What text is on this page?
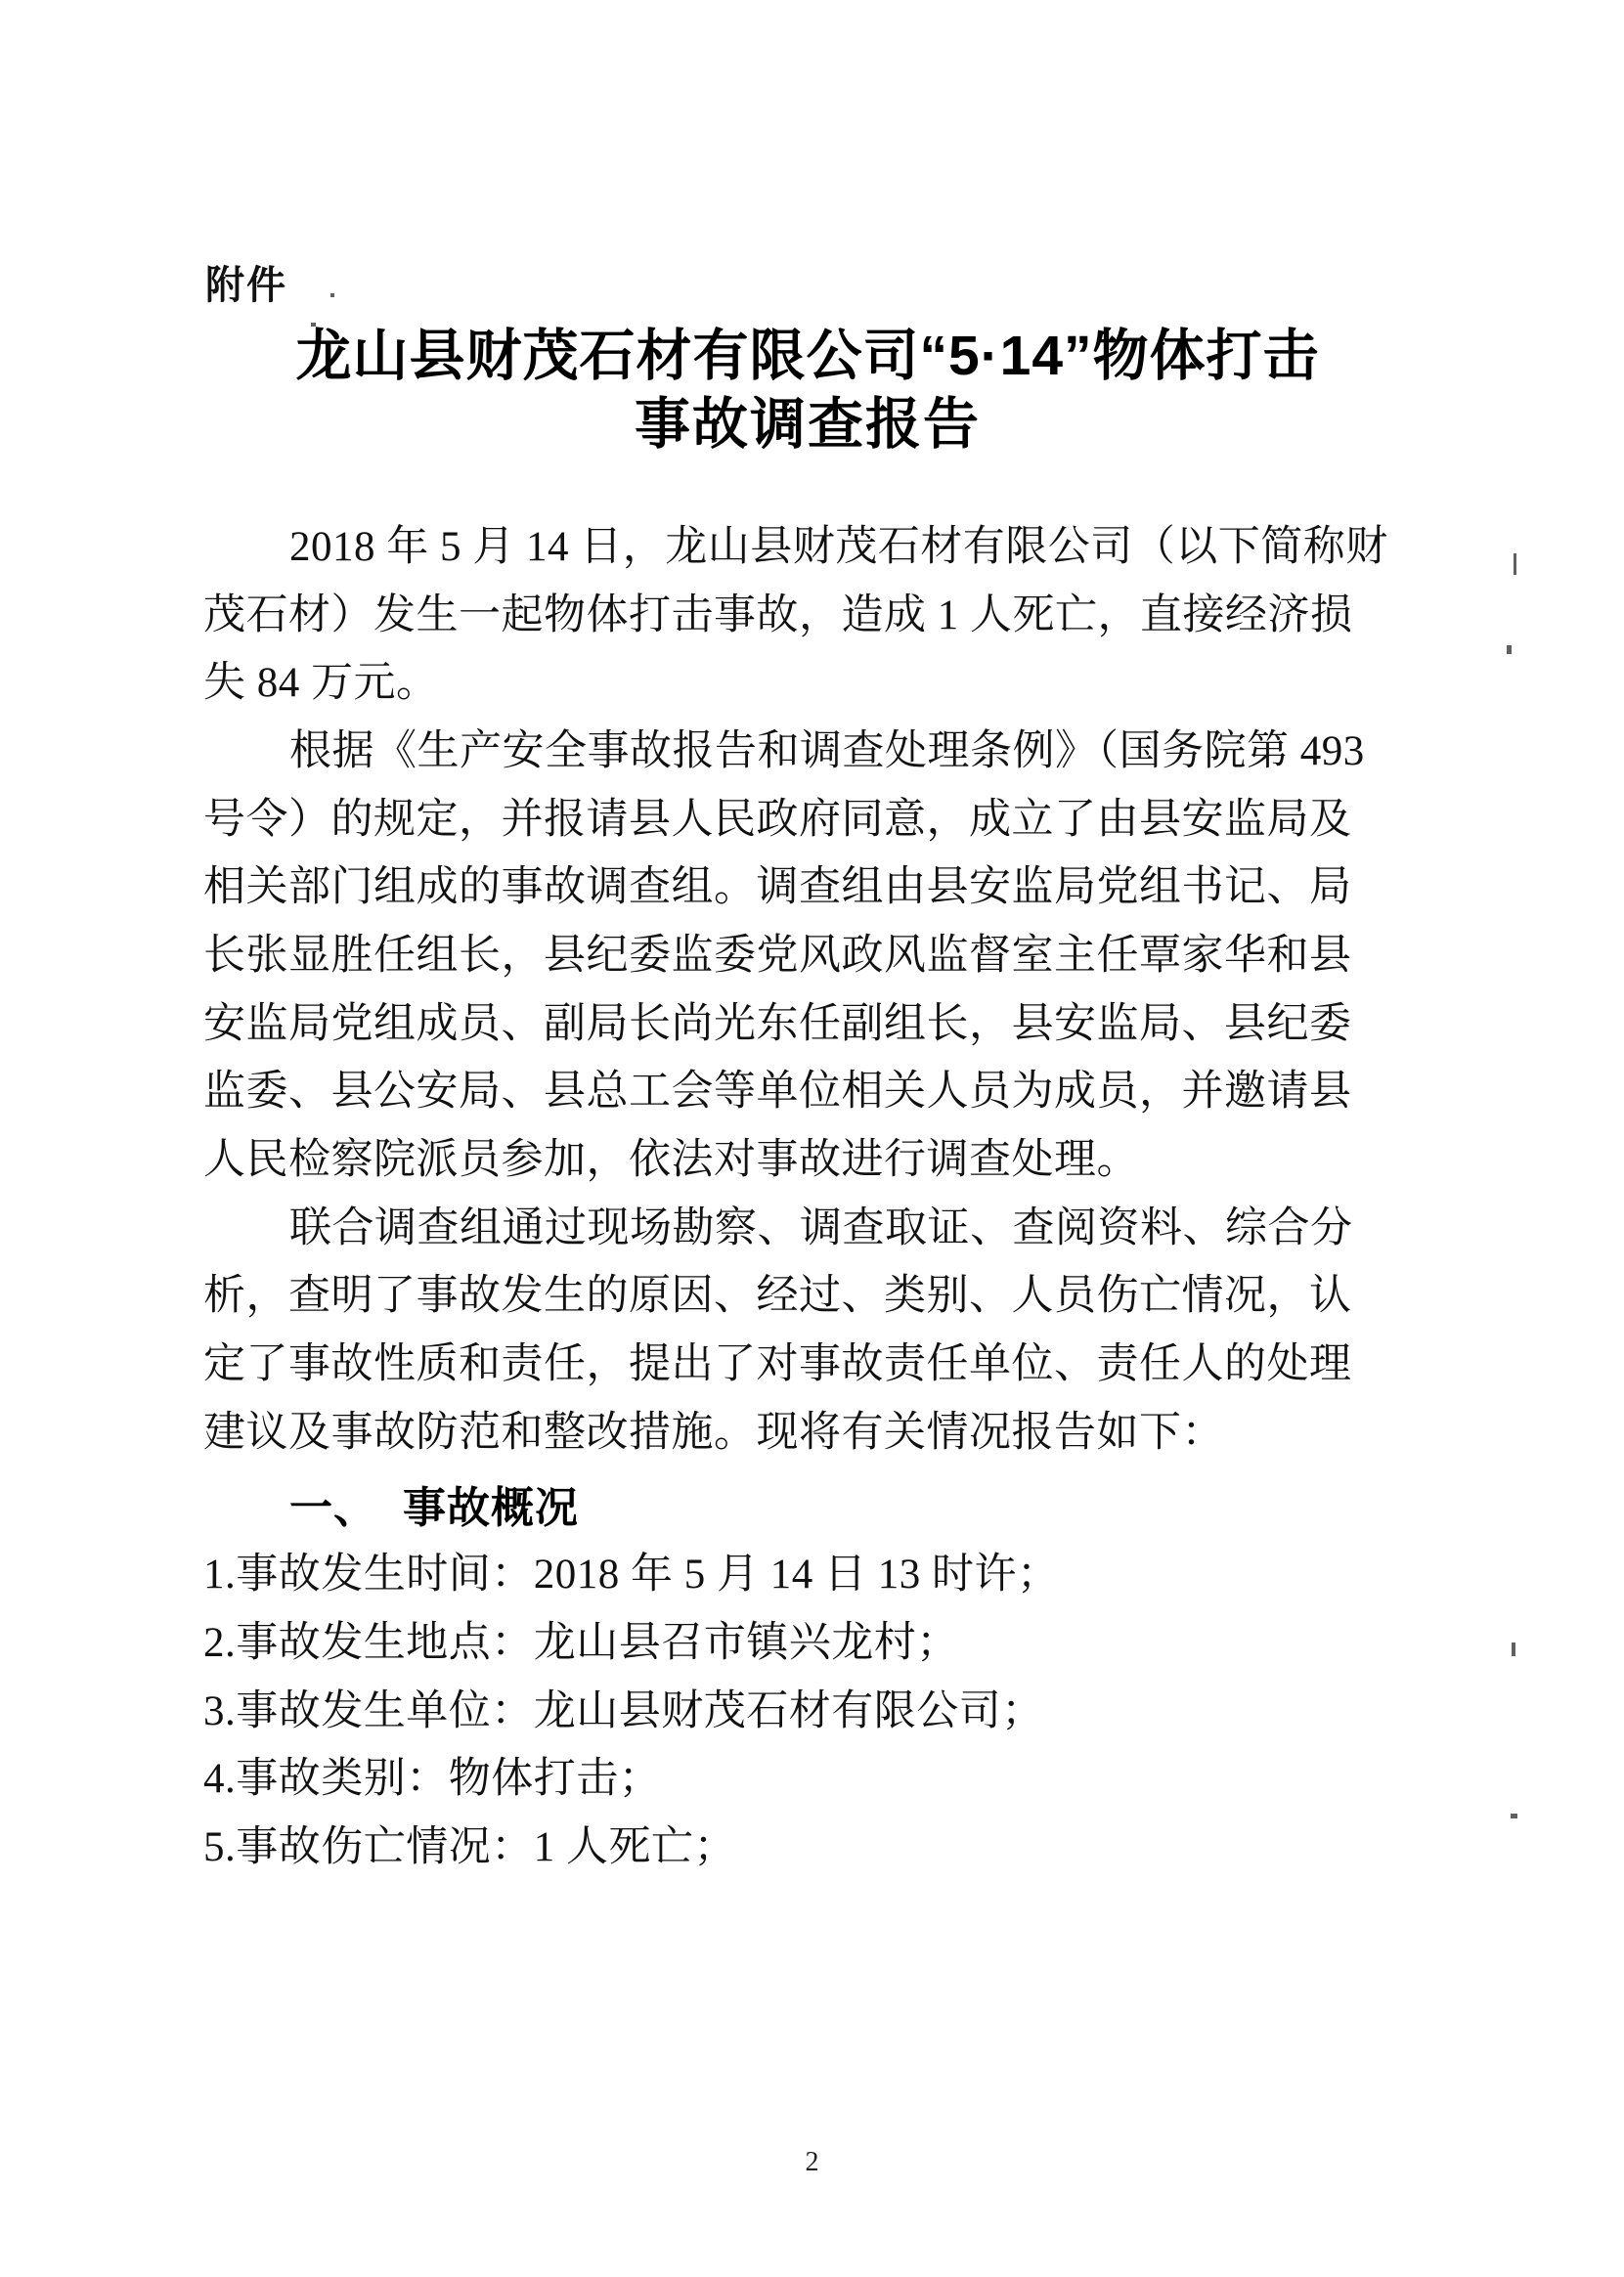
附件
龙山县财茂石材有限公司“5·14”物体打击
事故调查报告

2018 年 5 月 14 日，龙山县财茂石材有限公司（以下简称财
茂石材）发生一起物体打击事故，造成 1 人死亡，直接经济损
失 84 万元。

根据《生产安全事故报告和调查处理条例》（国务院第 493
号令）的规定，并报请县人民政府同意，成立了由县安监局及
相关部门组成的事故调查组。调查组由县安监局党组书记、局
长张显胜任组长，县纪委监委党风政风监督室主任覃家华和县
安监局党组成员、副局长尚光东任副组长，县安监局、县纪委
监委、县公安局、县总工会等单位相关人员为成员，并邀请县
人民检察院派员参加，依法对事故进行调查处理。

联合调查组通过现场勘察、调查取证、查阅资料、综合分
析，查明了事故发生的原因、经过、类别、人员伤亡情况，认
定了事故性质和责任，提出了对事故责任单位、责任人的处理
建议及事故防范和整改措施。现将有关情况报告如下：

一、 事故概况
1.事故发生时间：2018 年 5 月 14 日 13 时许；
2.事故发生地点：龙山县召市镇兴龙村；
3.事故发生单位：龙山县财茂石材有限公司；
4.事故类别：物体打击；
5.事故伤亡情况：1 人死亡；
2
